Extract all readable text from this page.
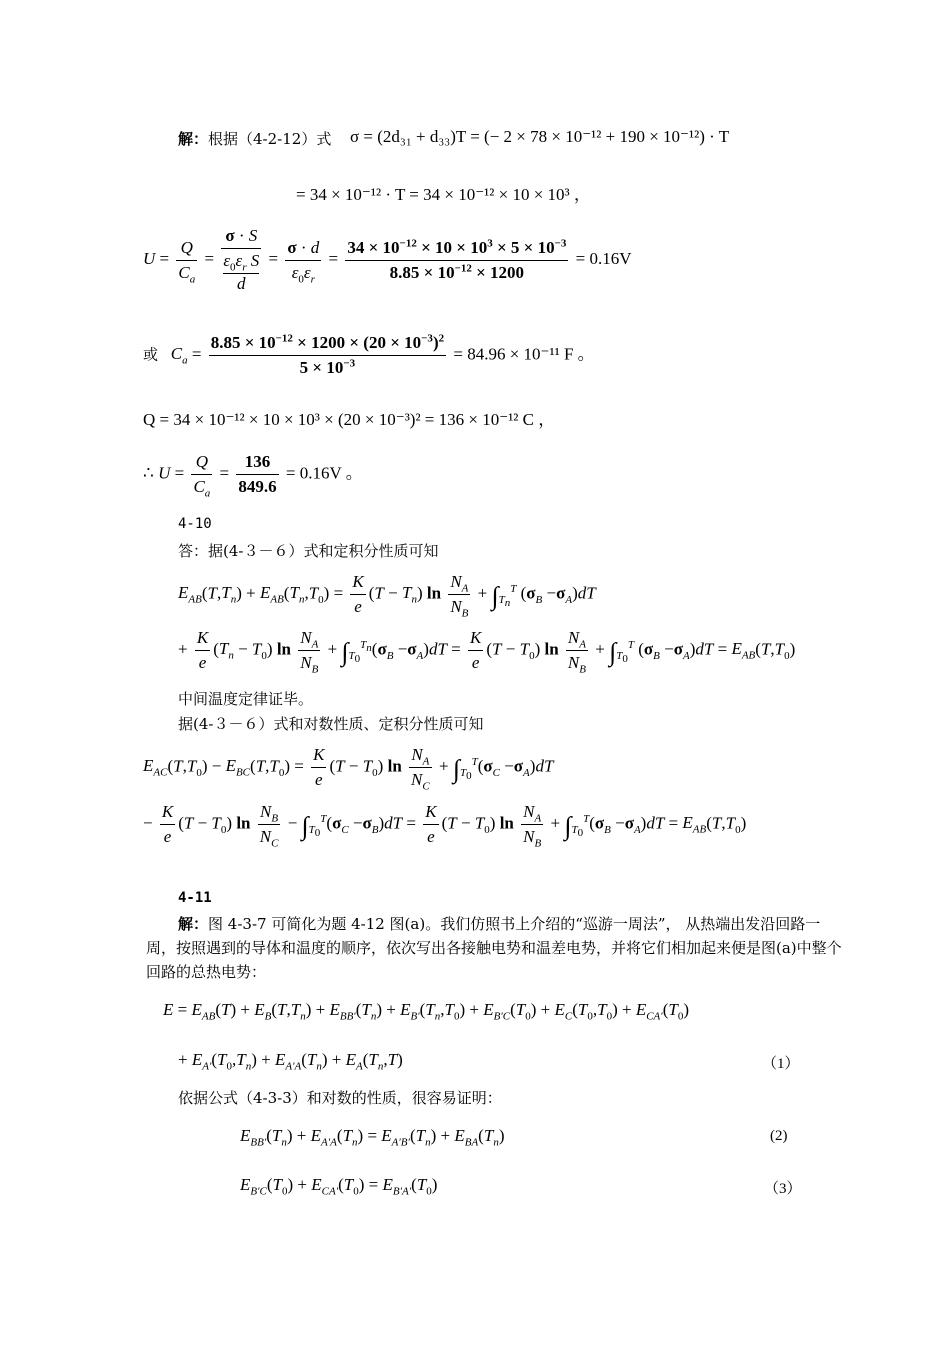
解：根据（4-2-12）式 σ = (2d₃₁ + d₃₃)T = (− 2 × 78 × 10⁻¹² + 190 × 10⁻¹²) · T
= 34 × 10⁻¹² · T = 34 × 10⁻¹² × 10 × 10³ ，
$U = \frac{Q}{C_a} = \sigma \cdot S$
$\varepsilon_0\varepsilon_r$ S
$d = \frac{\sigma \cdot d}{\varepsilon_0\varepsilon_r} = \frac{34 \times 10^{-12} \times 10 \times 10^3 \times 5 \times 10^{-3}}{8.85 \times 10^{-12} \times 1200} = 0.16V$
或 $C_a = \frac{8.85 \times 10^{-12} \times 1200 \times (20 \times 10^{-3})^2}{5 \times 10^{-3}} = 84.96 \times 10^{-11}$ F 。
Q = 34 × 10⁻¹² × 10 × 10³ × (20 × 10⁻³)² = 136 × 10⁻¹² C ，
∴ $U = \frac{Q}{C_a} = \frac{136}{849.6} = 0.16V$ 。
4-10
答：据(4-３－６）式和定积分性质可知
$E_{AB}(T,T_n) + E_{AB}(T_n,T_0) = \frac{K}{e} (T - T_n)$ $\ln \frac{N_A}{N_B} + \int_{T_n}^T$ $(\sigma_B -\sigma_A)dT$
+ $\frac{K}{e} (T_n - T_0)$ $\ln \frac{N_A}{N_B} + \int_{T_0}^{T_n}(\sigma_B -\sigma_A)dT = \frac{K}{e} (T - T_0)$ $\ln \frac{N_A}{N_B} + \int_{T_0}^T$ $(\sigma_B -\sigma_A)dT = E_{AB}(T,T_0)$
中间温度定律证毕。
据(4-３－６）式和对数性质、定积分性质可知
$E_{AC}(T,T_0) - E_{BC}(T,T_0) = \frac{K}{e} (T - T_0)$ $\ln \frac{N_A}{N_C} + \int_{T_0}^T(\sigma_C -\sigma_A)dT$
− $\frac{K}{e} (T - T_0)$ $\ln \frac{N_B}{N_C} - \int_{T_0}^T(\sigma_C -\sigma_B)dT = \frac{K}{e} (T - T_0)$ $\ln \frac{N_A}{N_B} + \int_{T_0}^T(\sigma_B -\sigma_A)dT = E_{AB}(T,T_0)$
4-11
解：图 4-3-7 可简化为题 4-12 图(a)。我们仿照书上介绍的“巡游一周法”， 从热端出发沿回路一周，按照遇到的导体和温度的顺序，依次写出各接触电势和温差电势，并将它们相加起来便是图(a)中整个回路的总热电势：
$E = E_{AB}(T) + E_B(T,T_n) + E_{BB'}(T_n) + E_{B'}(T_n,T_0) + E_{B'C}(T_0) + E_C(T_0,T_0) + E_{CA'}(T_0)$
+ $E_{A'}(T_0,T_n) + E_{A'A}(T_n) + E_A(T_n,T)$	（1）
依据公式（4-3-3）和对数的性质，很容易证明：
$E_{BB'}(T_n) + E_{A'A}(T_n) = E_{A'B'}(T_n) + E_{BA}(T_n)$	(2)
$E_{B'C}(T_0) + E_{CA'}(T_0) = E_{B'A'}(T_0)$	（3）
